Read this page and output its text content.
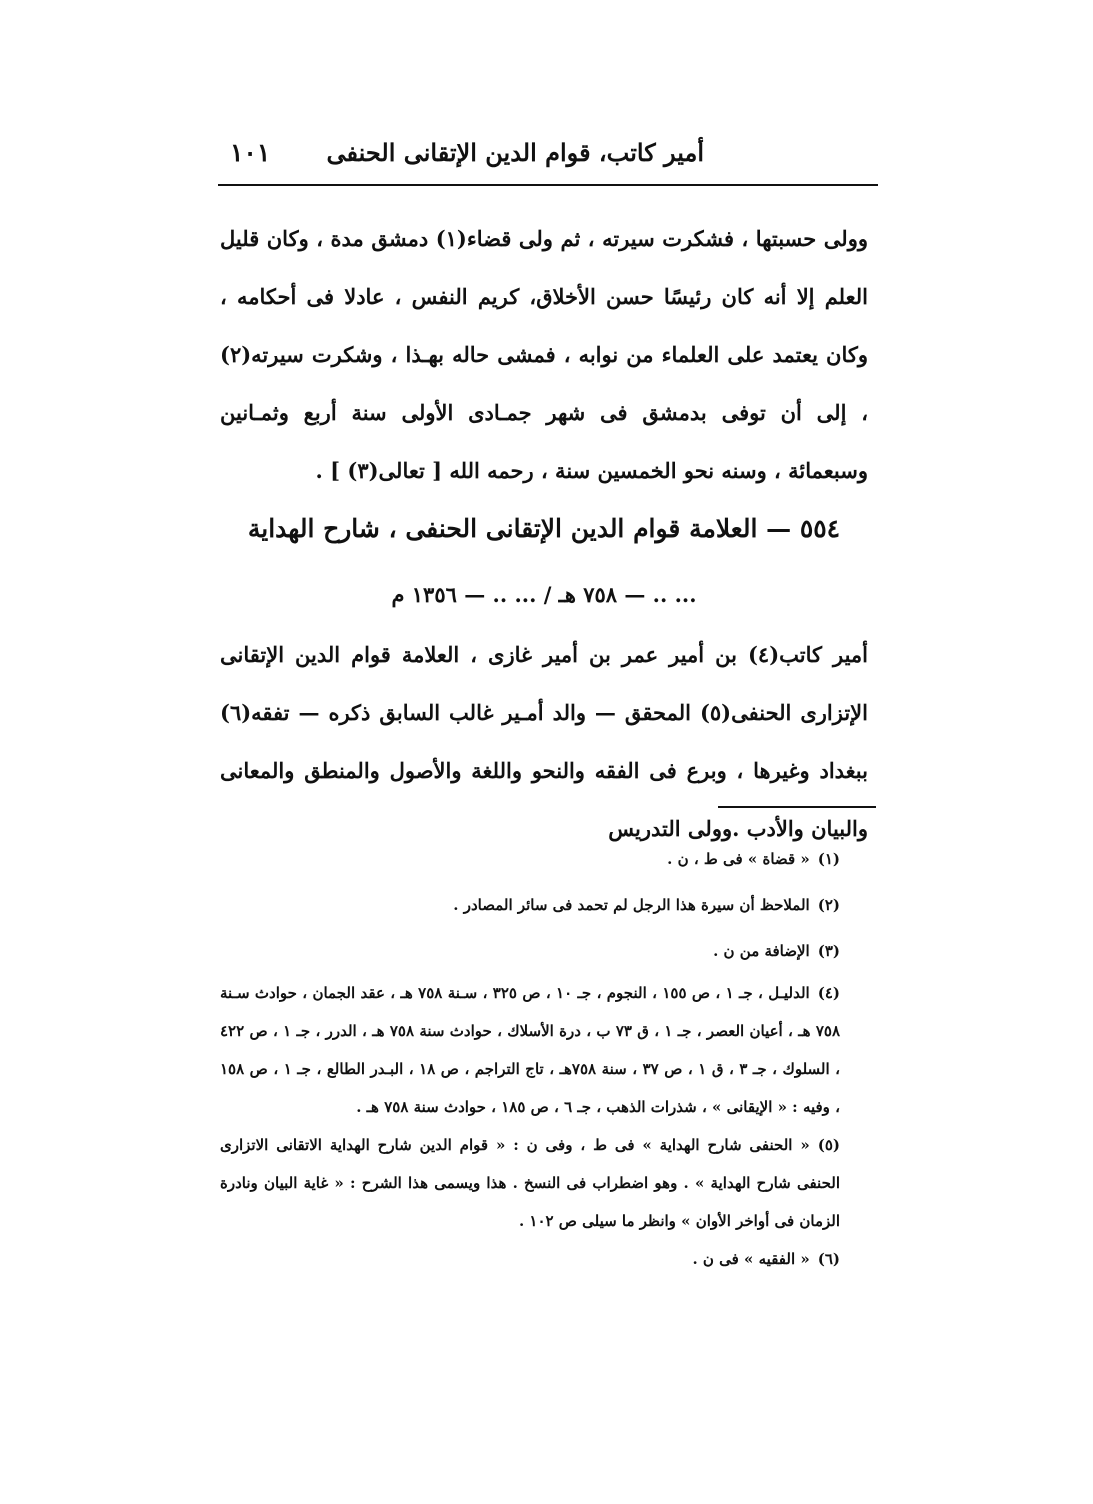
أمير كاتب، قوام الدين الإتقانى الحنفى
١٠١
وولى حسبتها ، فشكرت سيرته ، ثم ولى قضاء(١) دمشق مدة ، وكان قليل العلم إلا أنه كان رئيسًا حسن الأخلاق، كريم النفس ، عادلا فى أحكامه ، وكان يعتمد على العلماء من نوابه ، فمشى حاله بهـذا ، وشكرت سيرته(٢) ، إلى أن توفى بدمشق فى شهر جمـادى الأولى سنة أربع وثمـانين وسبعمائة ، وسنه نحو الخمسين سنة ، رحمه الله [ تعالى(٣) ] .
٥٥٤ — العلامة قوام الدين الإتقانى الحنفى ، شارح الهداية
... .. — ٧٥٨ هـ / ... .. — ١٣٥٦ م
أمير كاتب(٤) بن أمير عمر بن أمير غازى ، العلامة قوام الدين الإتقانى الإتزارى الحنفى(٥) المحقق — والد أمـير غالب السابق ذكره — تفقه(٦) ببغداد وغيرها ، وبرع فى الفقه والنحو واللغة والأصول والمنطق والمعانى والبيان والأدب .وولى التدريس
(١)« قضاة » فى ط ، ن .
(٢)الملاحظ أن سيرة هذا الرجل لم تحمد فى سائر المصادر .
(٣)الإضافة من ن .
(٤)الدليـل ، جـ ١ ، ص ١٥٥ ، النجوم ، جـ ١٠ ، ص ٣٢٥ ، سـنة ٧٥٨ هـ ، عقد الجمان ، حوادث سـنة ٧٥٨ هـ ، أعيان العصر ، جـ ١ ، ق ٧٣ ب ، درة الأسلاك ، حوادث سنة ٧٥٨ هـ ، الدرر ، جـ ١ ، ص ٤٢٢ ، السلوك ، جـ ٣ ، ق ١ ، ص ٣٧ ، سنة ٧٥٨هـ ، تاج التراجم ، ص ١٨ ، البـدر الطالع ، جـ ١ ، ص ١٥٨ ، وفيه : « الإيقانى » ، شذرات الذهب ، جـ ٦ ، ص ١٨٥ ، حوادث سنة ٧٥٨ هـ .
(٥)« الحنفى شارح الهداية » فى ط ، وفى ن : « قوام الدين شارح الهداية الاتقانى الاتزارى الحنفى شارح الهداية » . وهو اضطراب فى النسخ . هذا ويسمى هذا الشرح : « غاية البيان ونادرة الزمان فى أواخر الأوان » وانظر ما سيلى ص ١٠٢ .
(٦)« الفقيه » فى ن .
